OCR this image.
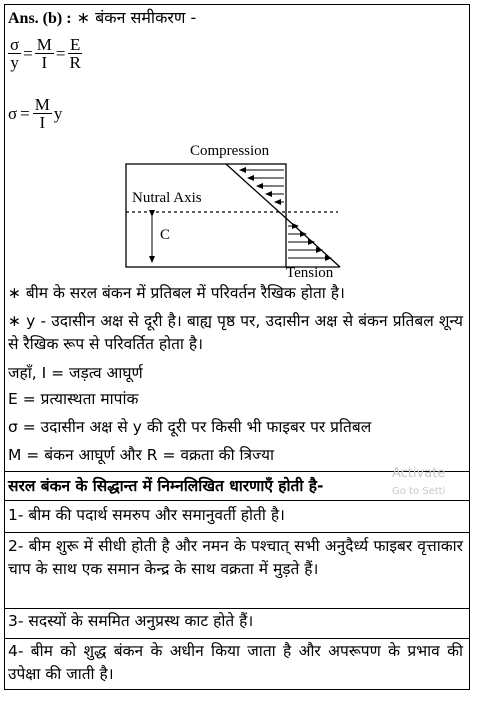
Ans. (b) : ∗ बंकन समीकरण -
$\frac{\sigma}{y} = \frac{M}{I} = \frac{E}{R}$
$\sigma = \frac{M}{I}$ y
Compression
Nutral Axis
C
Tension
∗ बीम के सरल बंकन में प्रतिबल में परिवर्तन रैखिक होता है।
∗ y - उदासीन अक्ष से दूरी है। बाह्य पृष्ठ पर, उदासीन अक्ष से बंकन प्रतिबल शून्य से रैखिक रूप से परिवर्तित होता है।
जहाँ, I = जड़त्व आघूर्ण
E = प्रत्यास्थता मापांक
σ = उदासीन अक्ष से y की दूरी पर किसी भी फाइबर पर प्रतिबल
M = बंकन आघूर्ण और R = वक्रता की त्रिज्या
Activate
Go to Setti
सरल बंकन के सिद्धान्त में निम्नलिखित धारणाएँ होती है-
1- बीम की पदार्थ समरुप और समानुवर्ती होती है।
2- बीम शुरू में सीधी होती है और नमन के पश्चात् सभी अनुदैर्ध्य फाइबर वृत्ताकार चाप के साथ एक समान केन्द्र के साथ वक्रता में मुड़ते हैं।
3- सदस्यों के सममित अनुप्रस्थ काट होते हैं।
4- बीम को शुद्ध बंकन के अधीन किया जाता है और अपरूपण के प्रभाव की उपेक्षा की जाती है।
